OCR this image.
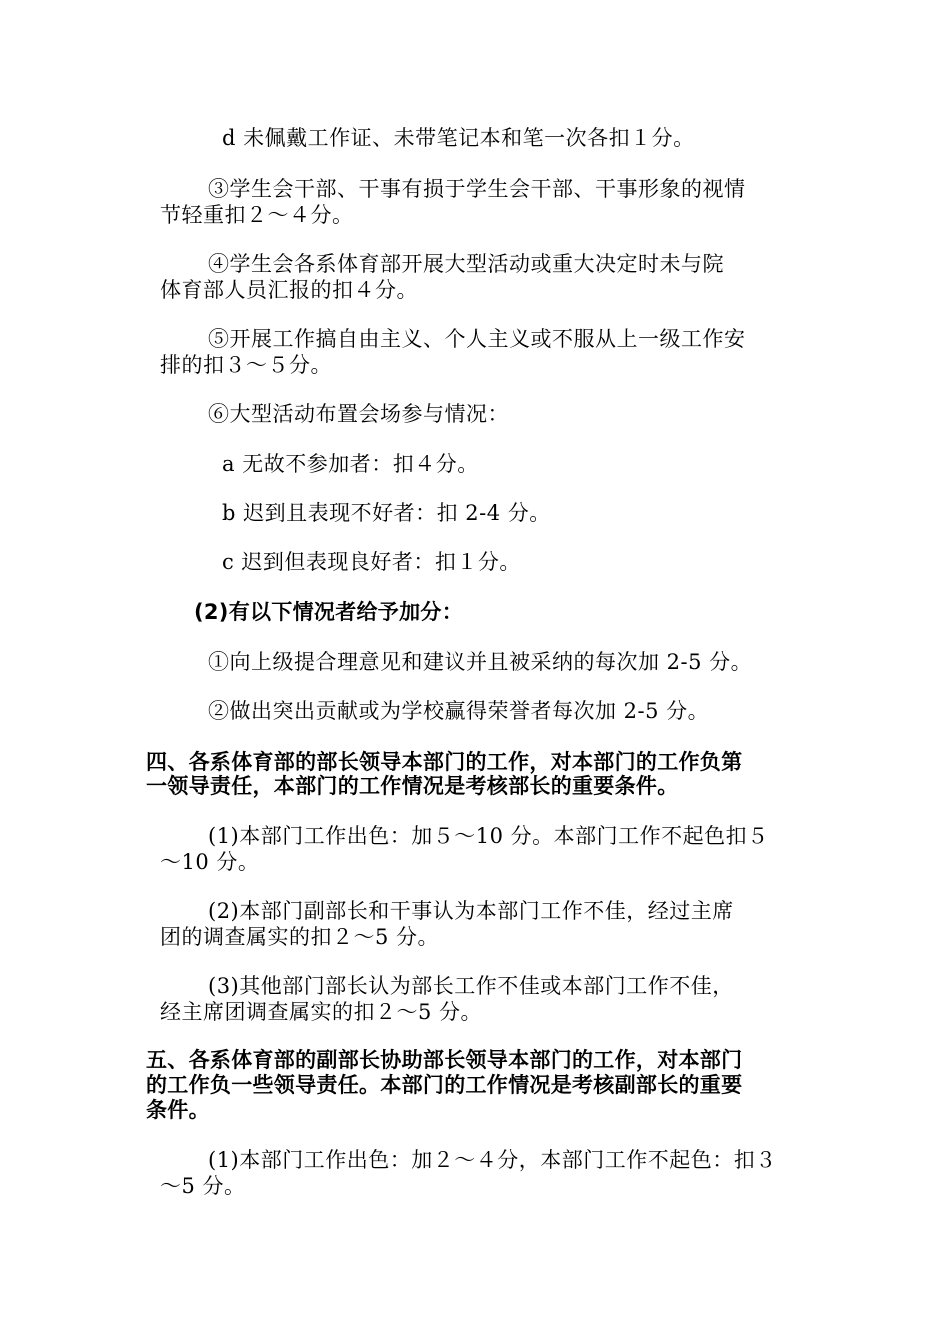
d 未佩戴工作证、未带笔记本和笔一次各扣１分。

③学生会干部、干事有损于学生会干部、干事形象的视情

节轻重扣２～４分。

④学生会各系体育部开展大型活动或重大决定时未与院

体育部人员汇报的扣４分。

⑤开展工作搞自由主义、个人主义或不服从上一级工作安

排的扣３～５分。

⑥大型活动布置会场参与情况：

a 无故不参加者：扣４分。

b 迟到且表现不好者：扣 2-4 分。

c 迟到但表现良好者：扣１分。

(2)有以下情况者给予加分：

①向上级提合理意见和建议并且被采纳的每次加 2-5 分。

②做出突出贡献或为学校赢得荣誉者每次加 2-5 分。

四、各系体育部的部长领导本部门的工作，对本部门的工作负第

一领导责任，本部门的工作情况是考核部长的重要条件。

(1)本部门工作出色：加５～10 分。本部门工作不起色扣５

～10 分。

(2)本部门副部长和干事认为本部门工作不佳，经过主席

团的调查属实的扣２～5 分。

(3)其他部门部长认为部长工作不佳或本部门工作不佳，

经主席团调查属实的扣２～5 分。

五、各系体育部的副部长协助部长领导本部门的工作，对本部门

的工作负一些领导责任。本部门的工作情况是考核副部长的重要

条件。

(1)本部门工作出色：加２～４分，本部门工作不起色：扣３

～5 分。
